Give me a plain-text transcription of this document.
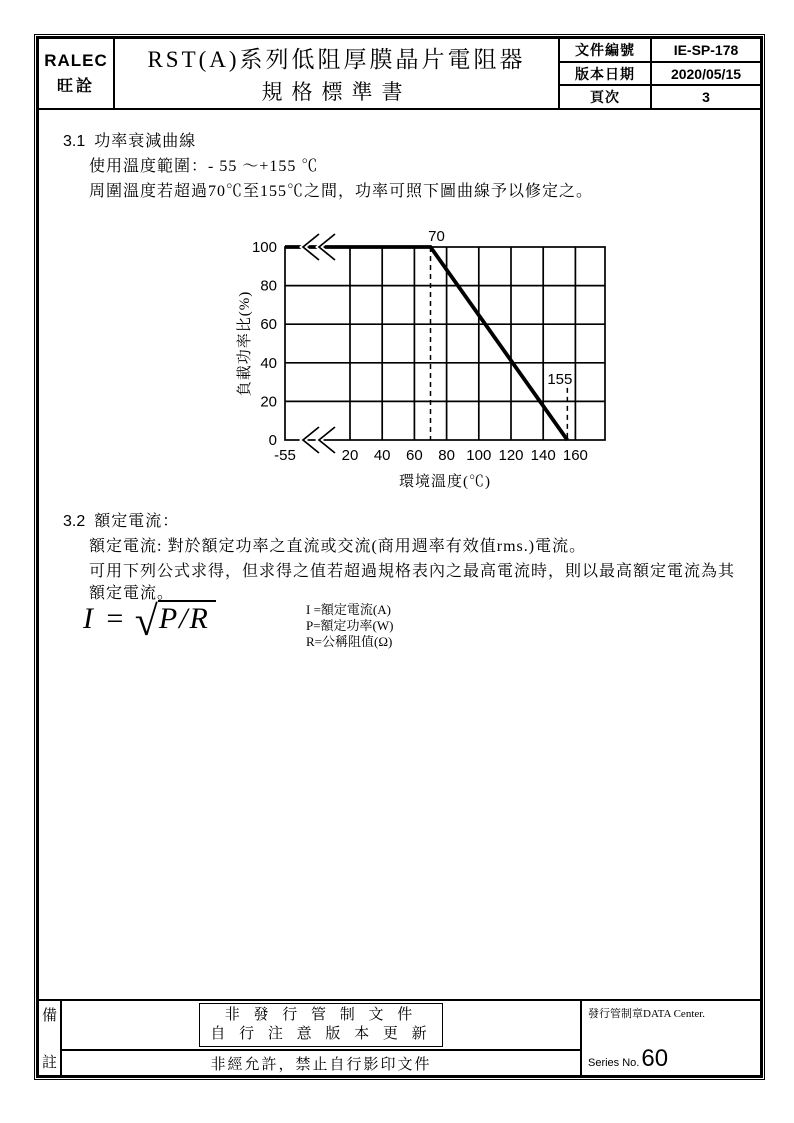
RALEC
旺詮
RST(A)系列低阻厚膜晶片電阻器
規格標準書
文件編號	IE-SP-178
版本日期	2020/05/15
頁次	3
3.1 功率衰減曲線
使用溫度範圍：- 55 ～+155 ℃
周圍溫度若超過70℃至155℃之間，功率可照下圖曲線予以修定之。
70
155
-55	20 40 60 80 100 120 140 160
0
20
40
60
80
100
負載功率比(%)
環境溫度(℃)
3.2 額定電流：
額定電流: 對於額定功率之直流或交流(商用週率有效值rms.)電流。
可用下列公式求得，但求得之值若超過規格表內之最高電流時，則以最高額定電流為其
額定電流。
I = √P/R	I =額定電流(A)
P=額定功率(W)
R=公稱阻值(Ω)
備
註
非 發 行 管 制 文 件
自 行 注 意 版 本 更 新
非經允許，禁止自行影印文件
發行管制章DATA Center.
Series No.60
